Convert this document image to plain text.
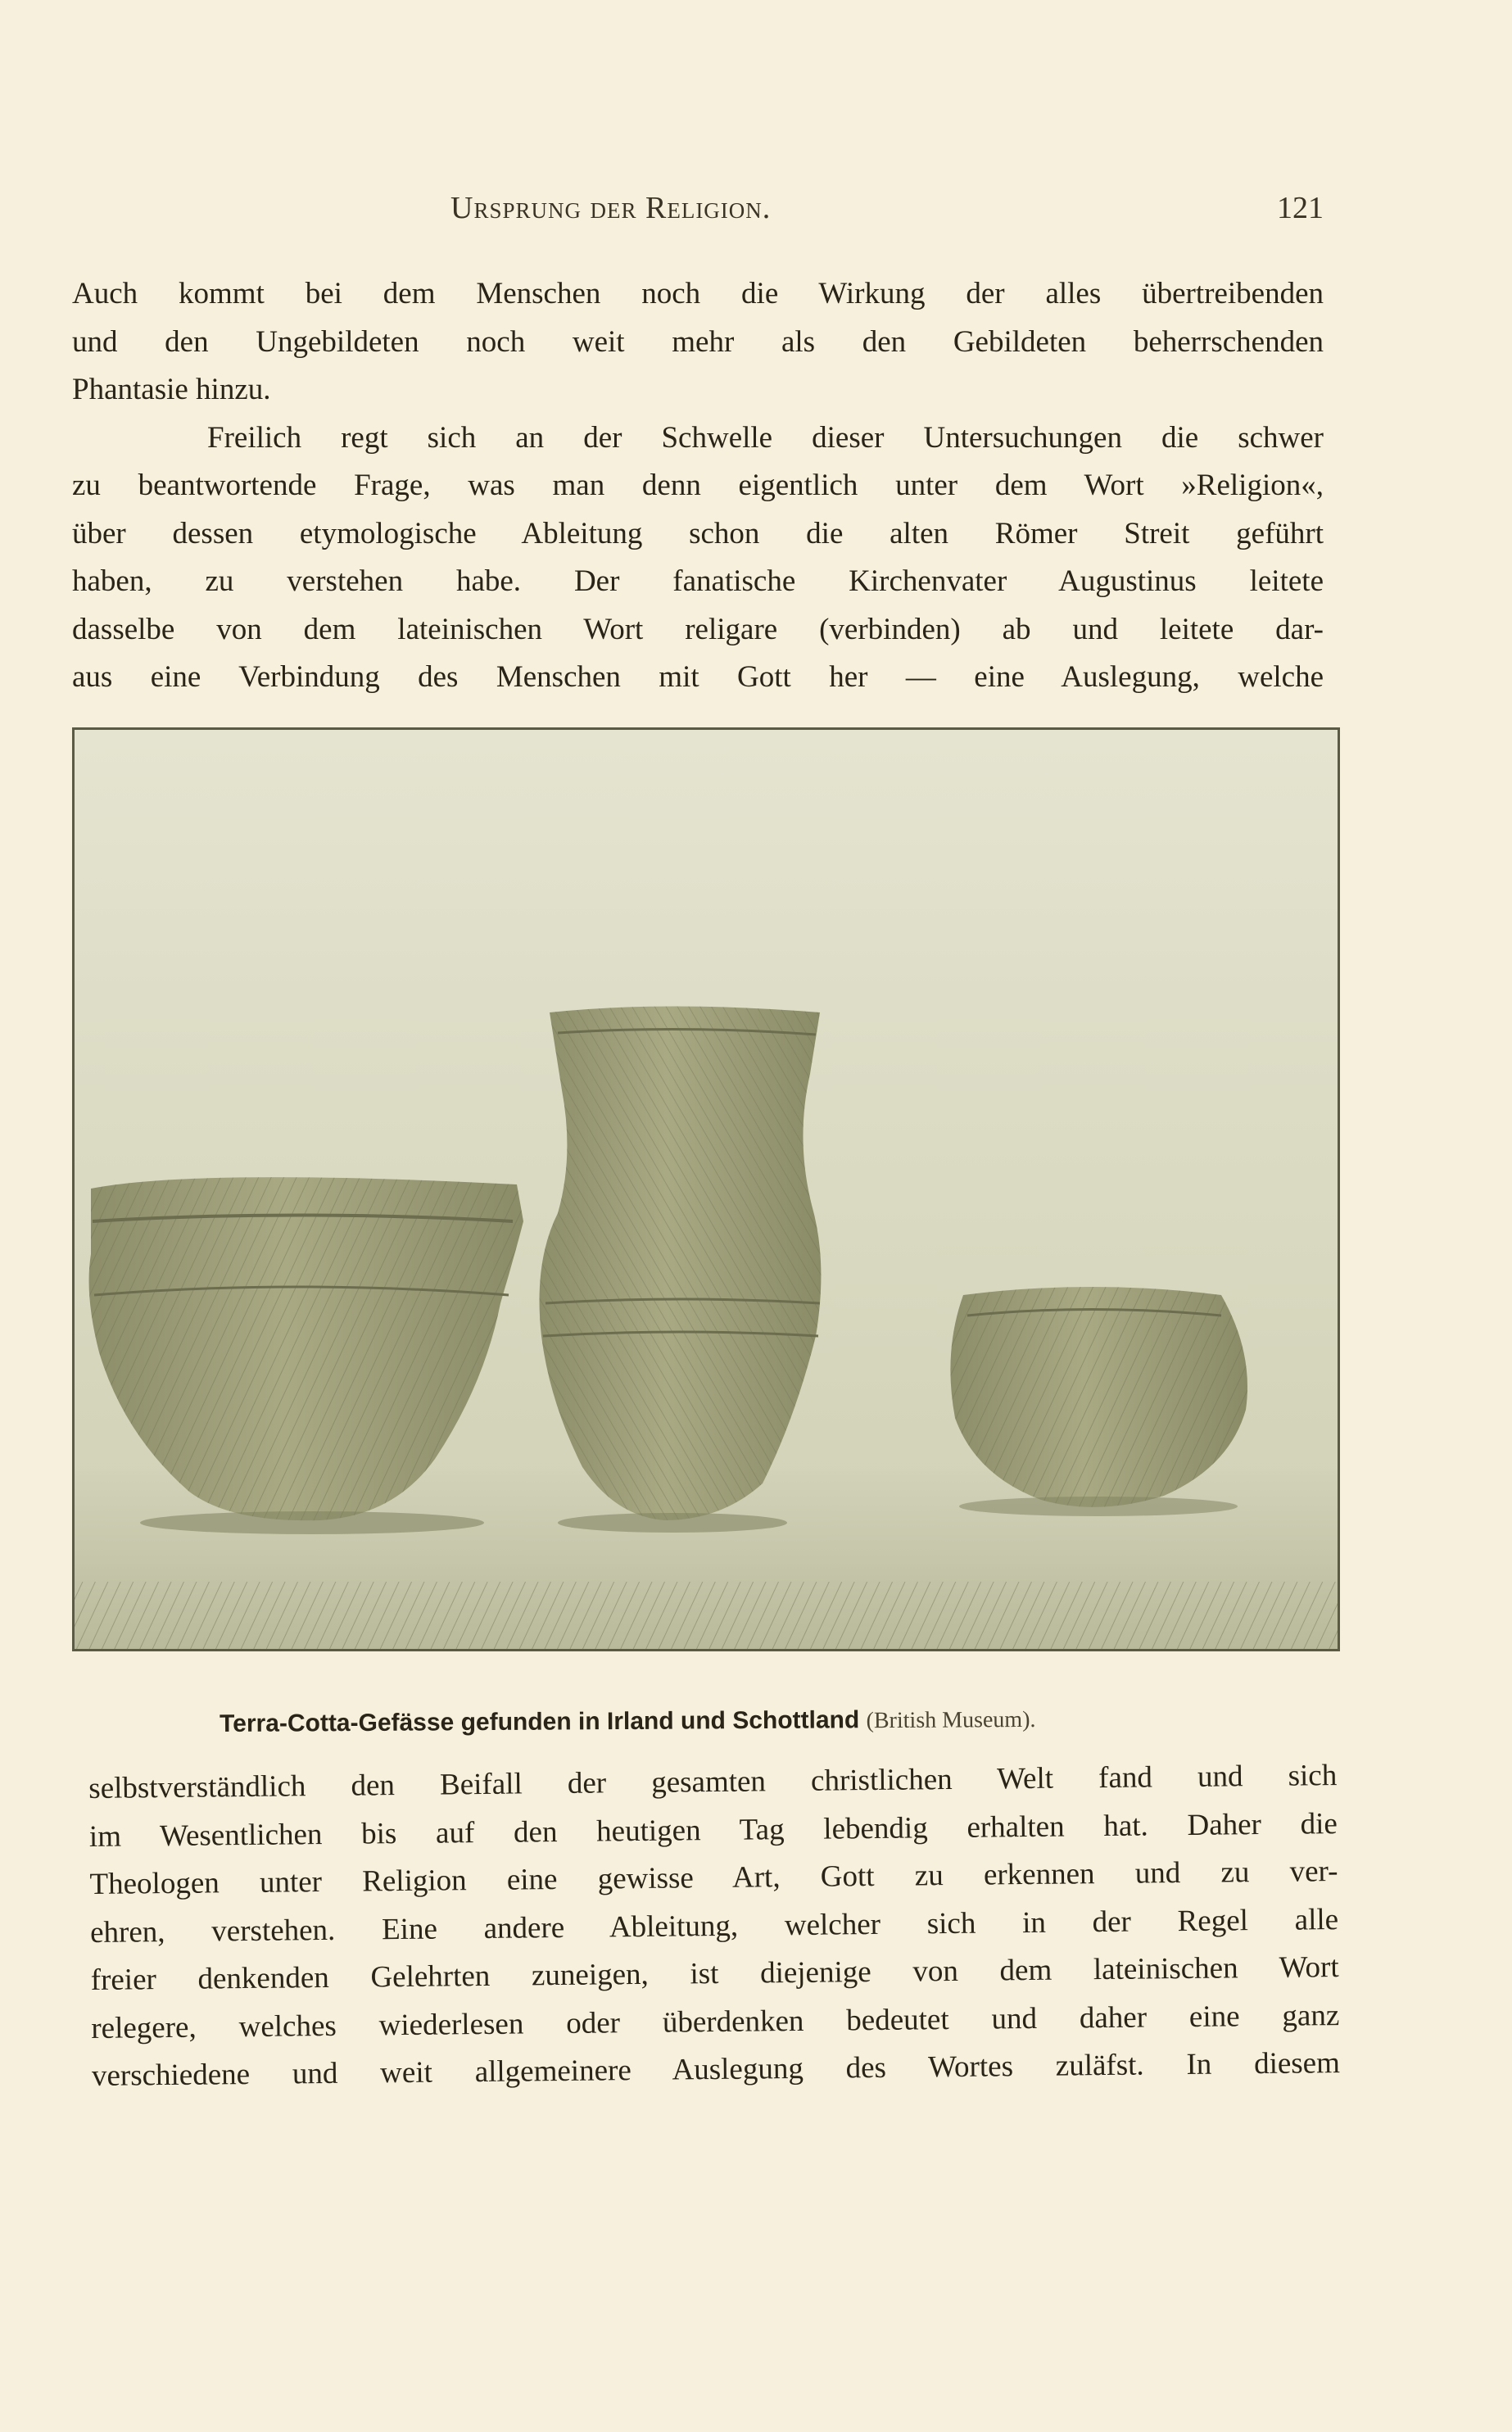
Ursprung der Religion.	121
Auch kommt bei dem Menschen noch die Wirkung der alles übertreibenden
und den Ungebildeten noch weit mehr als den Gebildeten beherrschenden
Phantasie hinzu.
Freilich regt sich an der Schwelle dieser Untersuchungen die schwer
zu beantwortende Frage, was man denn eigentlich unter dem Wort »Religion«,
über dessen etymologische Ableitung schon die alten Römer Streit geführt
haben, zu verstehen habe. Der fanatische Kirchenvater Augustinus leitete
dasselbe von dem lateinischen Wort religare (verbinden) ab und leitete dar-
aus eine Verbindung des Menschen mit Gott her — eine Auslegung, welche
Terra-Cotta-Gefässe gefunden in Irland und Schottland (British Museum).
selbstverständlich den Beifall der gesamten christlichen Welt fand und sich
im Wesentlichen bis auf den heutigen Tag lebendig erhalten hat. Daher die
Theologen unter Religion eine gewisse Art, Gott zu erkennen und zu ver-
ehren, verstehen. Eine andere Ableitung, welcher sich in der Regel alle
freier denkenden Gelehrten zuneigen, ist diejenige von dem lateinischen Wort
relegere, welches wiederlesen oder überdenken bedeutet und daher eine ganz
verschiedene und weit allgemeinere Auslegung des Wortes zuläfst. In diesem
